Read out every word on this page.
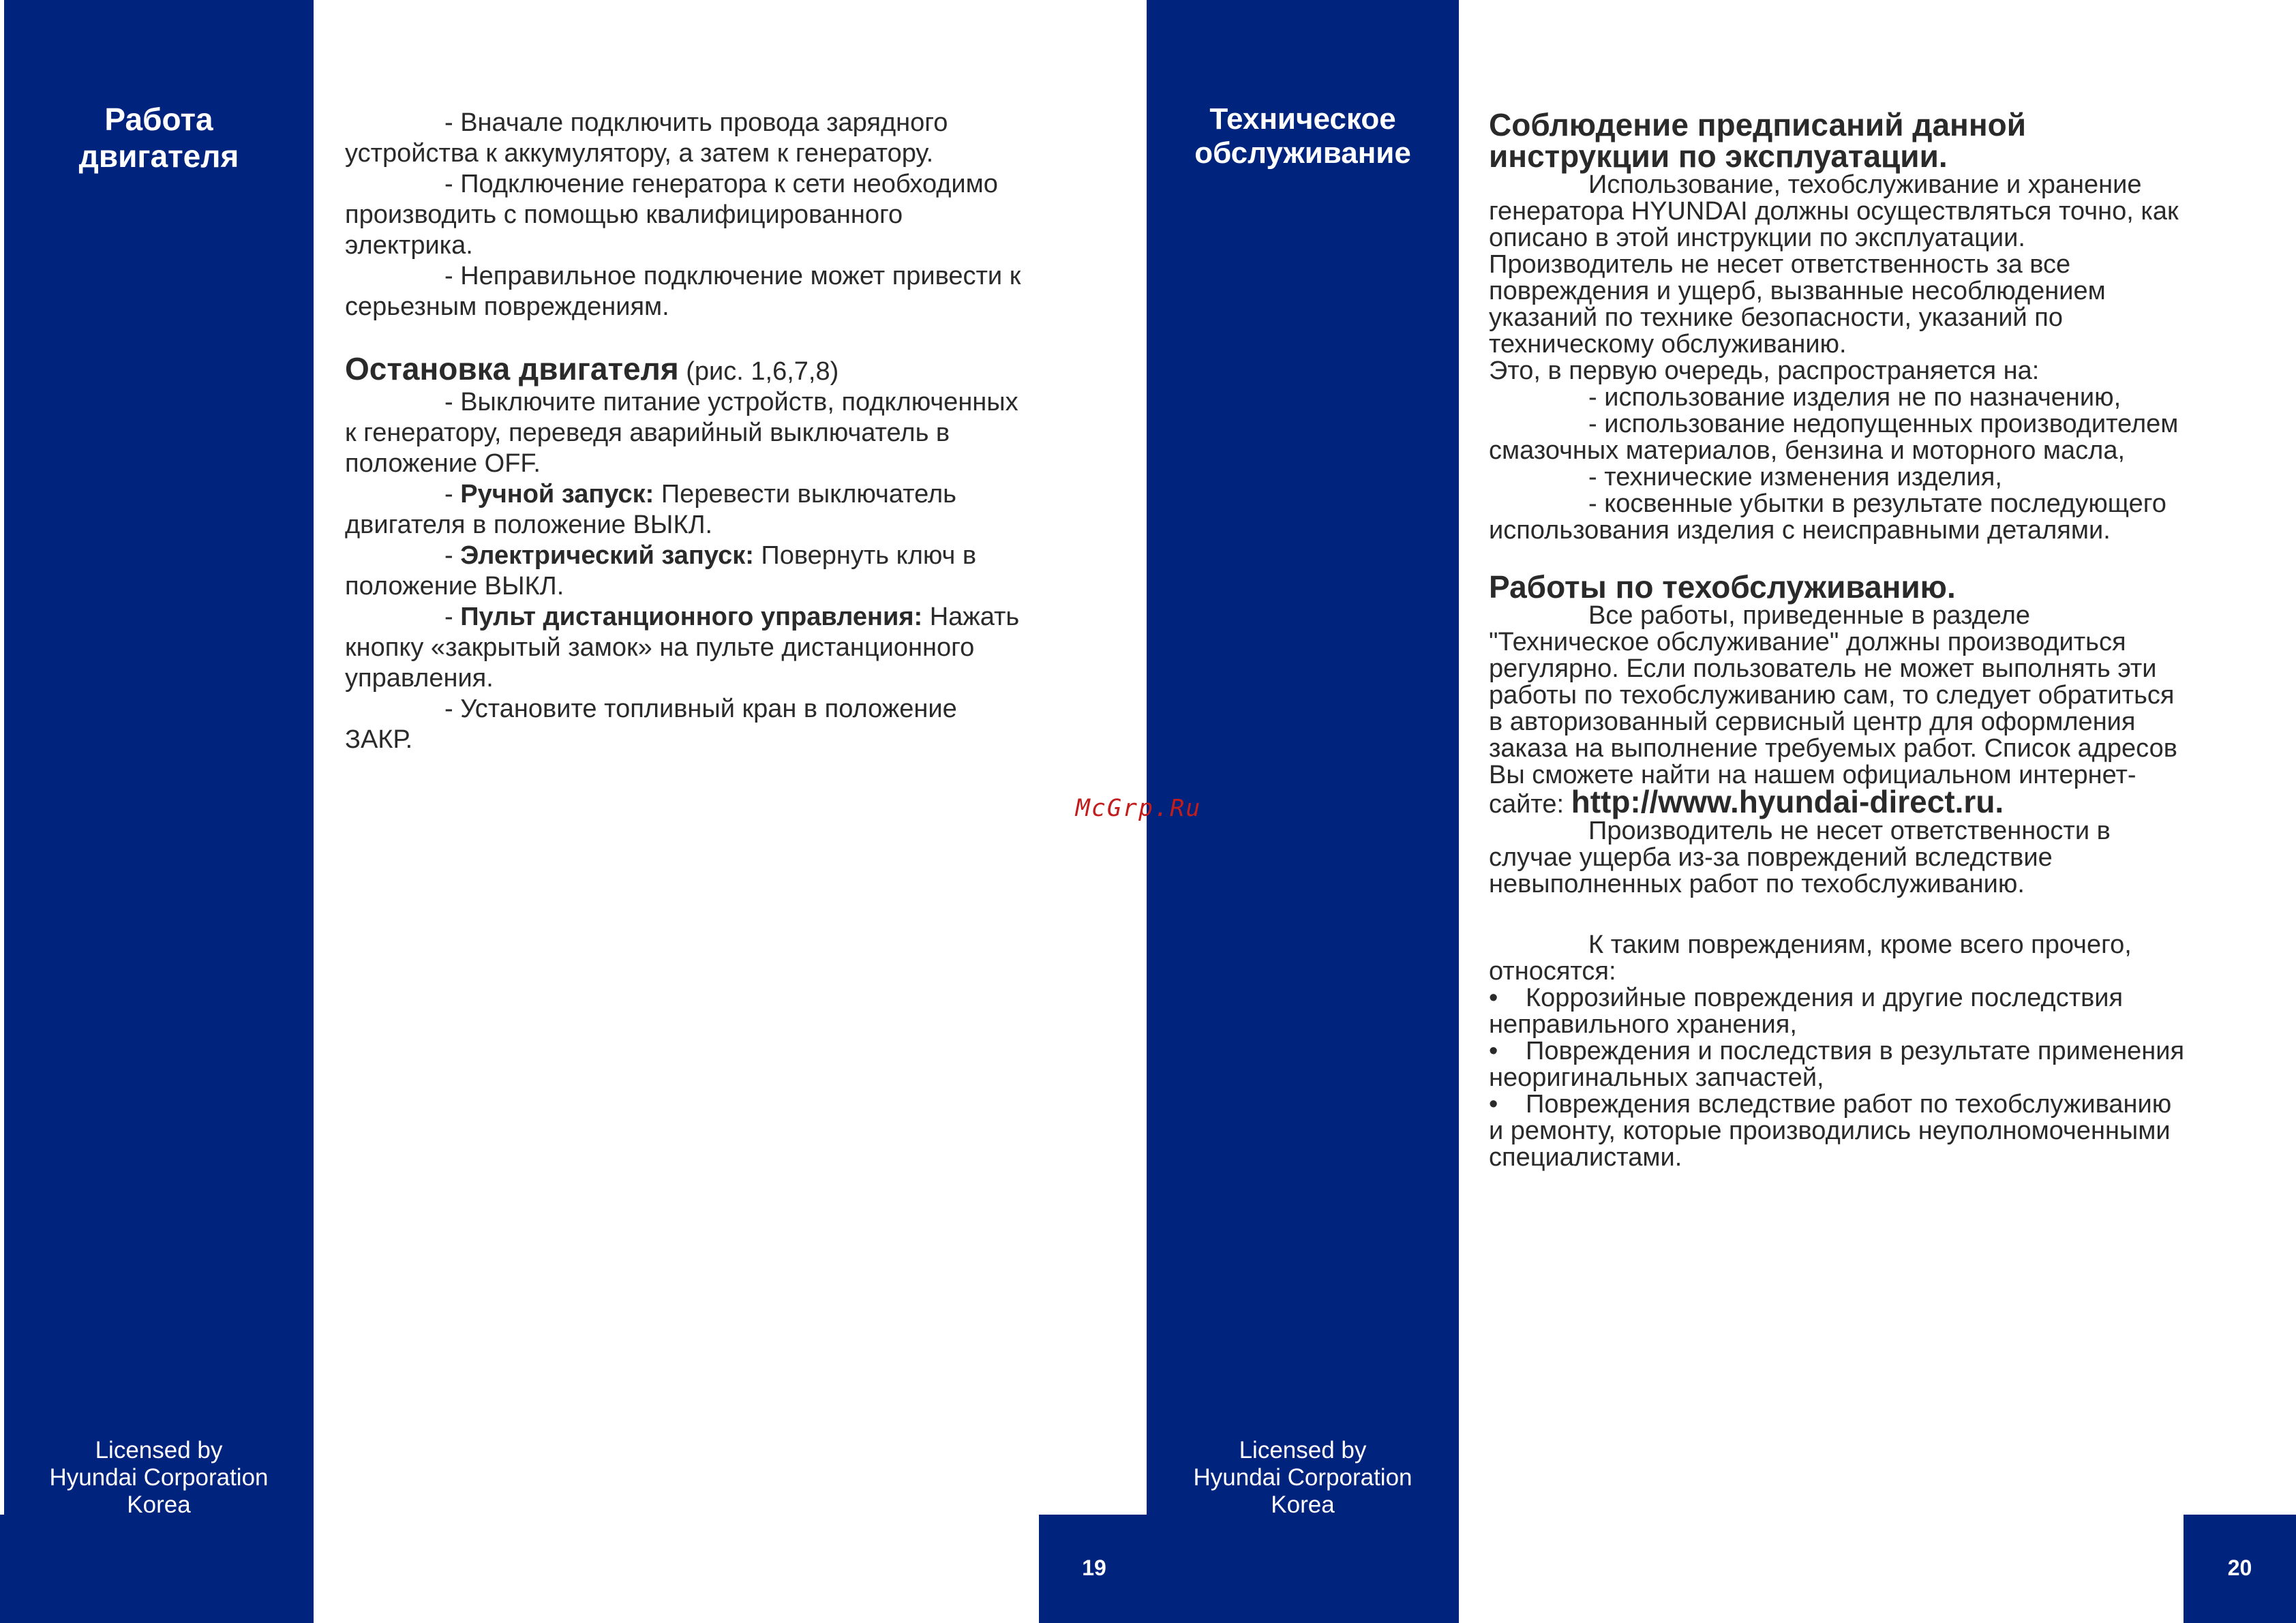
Работа
двигателя

Licensed by
Hyundai Corporation
Korea

19

- Вначале подключить провода зарядного устройства к аккумулятору, а затем к генератору.

- Подключение генератора к сети необходимо производить с помощью квалифицированного электрика.

- Неправильное подключение может привести к серьезным повреждениям.

Остановка двигателя (рис. 1,6,7,8)

- Выключите питание устройств, подключенных к генератору, переведя аварийный выключатель в положение OFF.

- Ручной запуск: Перевести выключатель двигателя в положение ВЫКЛ.

- Электрический запуск: Повернуть ключ в положение ВЫКЛ.

- Пульт дистанционного управления: Нажать кнопку «закрытый замок» на пульте дистанционного управления.

- Установите топливный кран в положение ЗАКР.

Техническое
обслуживание

Licensed by
Hyundai Corporation
Korea

20

Соблюдение предписаний данной инструкции по эксплуатации.

Использование, техобслуживание и хранение генератора HYUNDAI должны осуществляться точно, как описано в этой инструкции по эксплуатации. Производитель не несет ответственность за все повреждения и ущерб, вызванные несоблюдением указаний по технике безопасности, указаний по техническому обслуживанию.

Это, в первую очередь, распространяется на:

- использование изделия не по назначению,

- использование недопущенных производителем смазочных материалов, бензина и моторного масла,

- технические изменения изделия,

- косвенные убытки в результате последующего использования изделия с неисправными деталями.

Работы по техобслуживанию.

Все работы, приведенные в разделе "Техническое обслуживание" должны производиться регулярно. Если пользователь не может выполнять эти работы по техобслуживанию сам, то следует обратиться в авторизованный сервисный центр для оформления заказа на выполнение требуемых работ. Список адресов Вы сможете найти на нашем официальном интернет-сайте: http://www.hyundai-direct.ru.

Производитель не несет ответственности в случае ущерба из-за повреждений вследствие невыполненных работ по техобслуживанию.

К таким повреждениям, кроме всего прочего, относятся:

• Коррозийные повреждения и другие последствия неправильного хранения,

• Повреждения и последствия в результате применения неоригинальных запчастей,

• Повреждения вследствие работ по техобслуживанию и ремонту, которые производились неуполномоченными специалистами.

McGrp.Ru
